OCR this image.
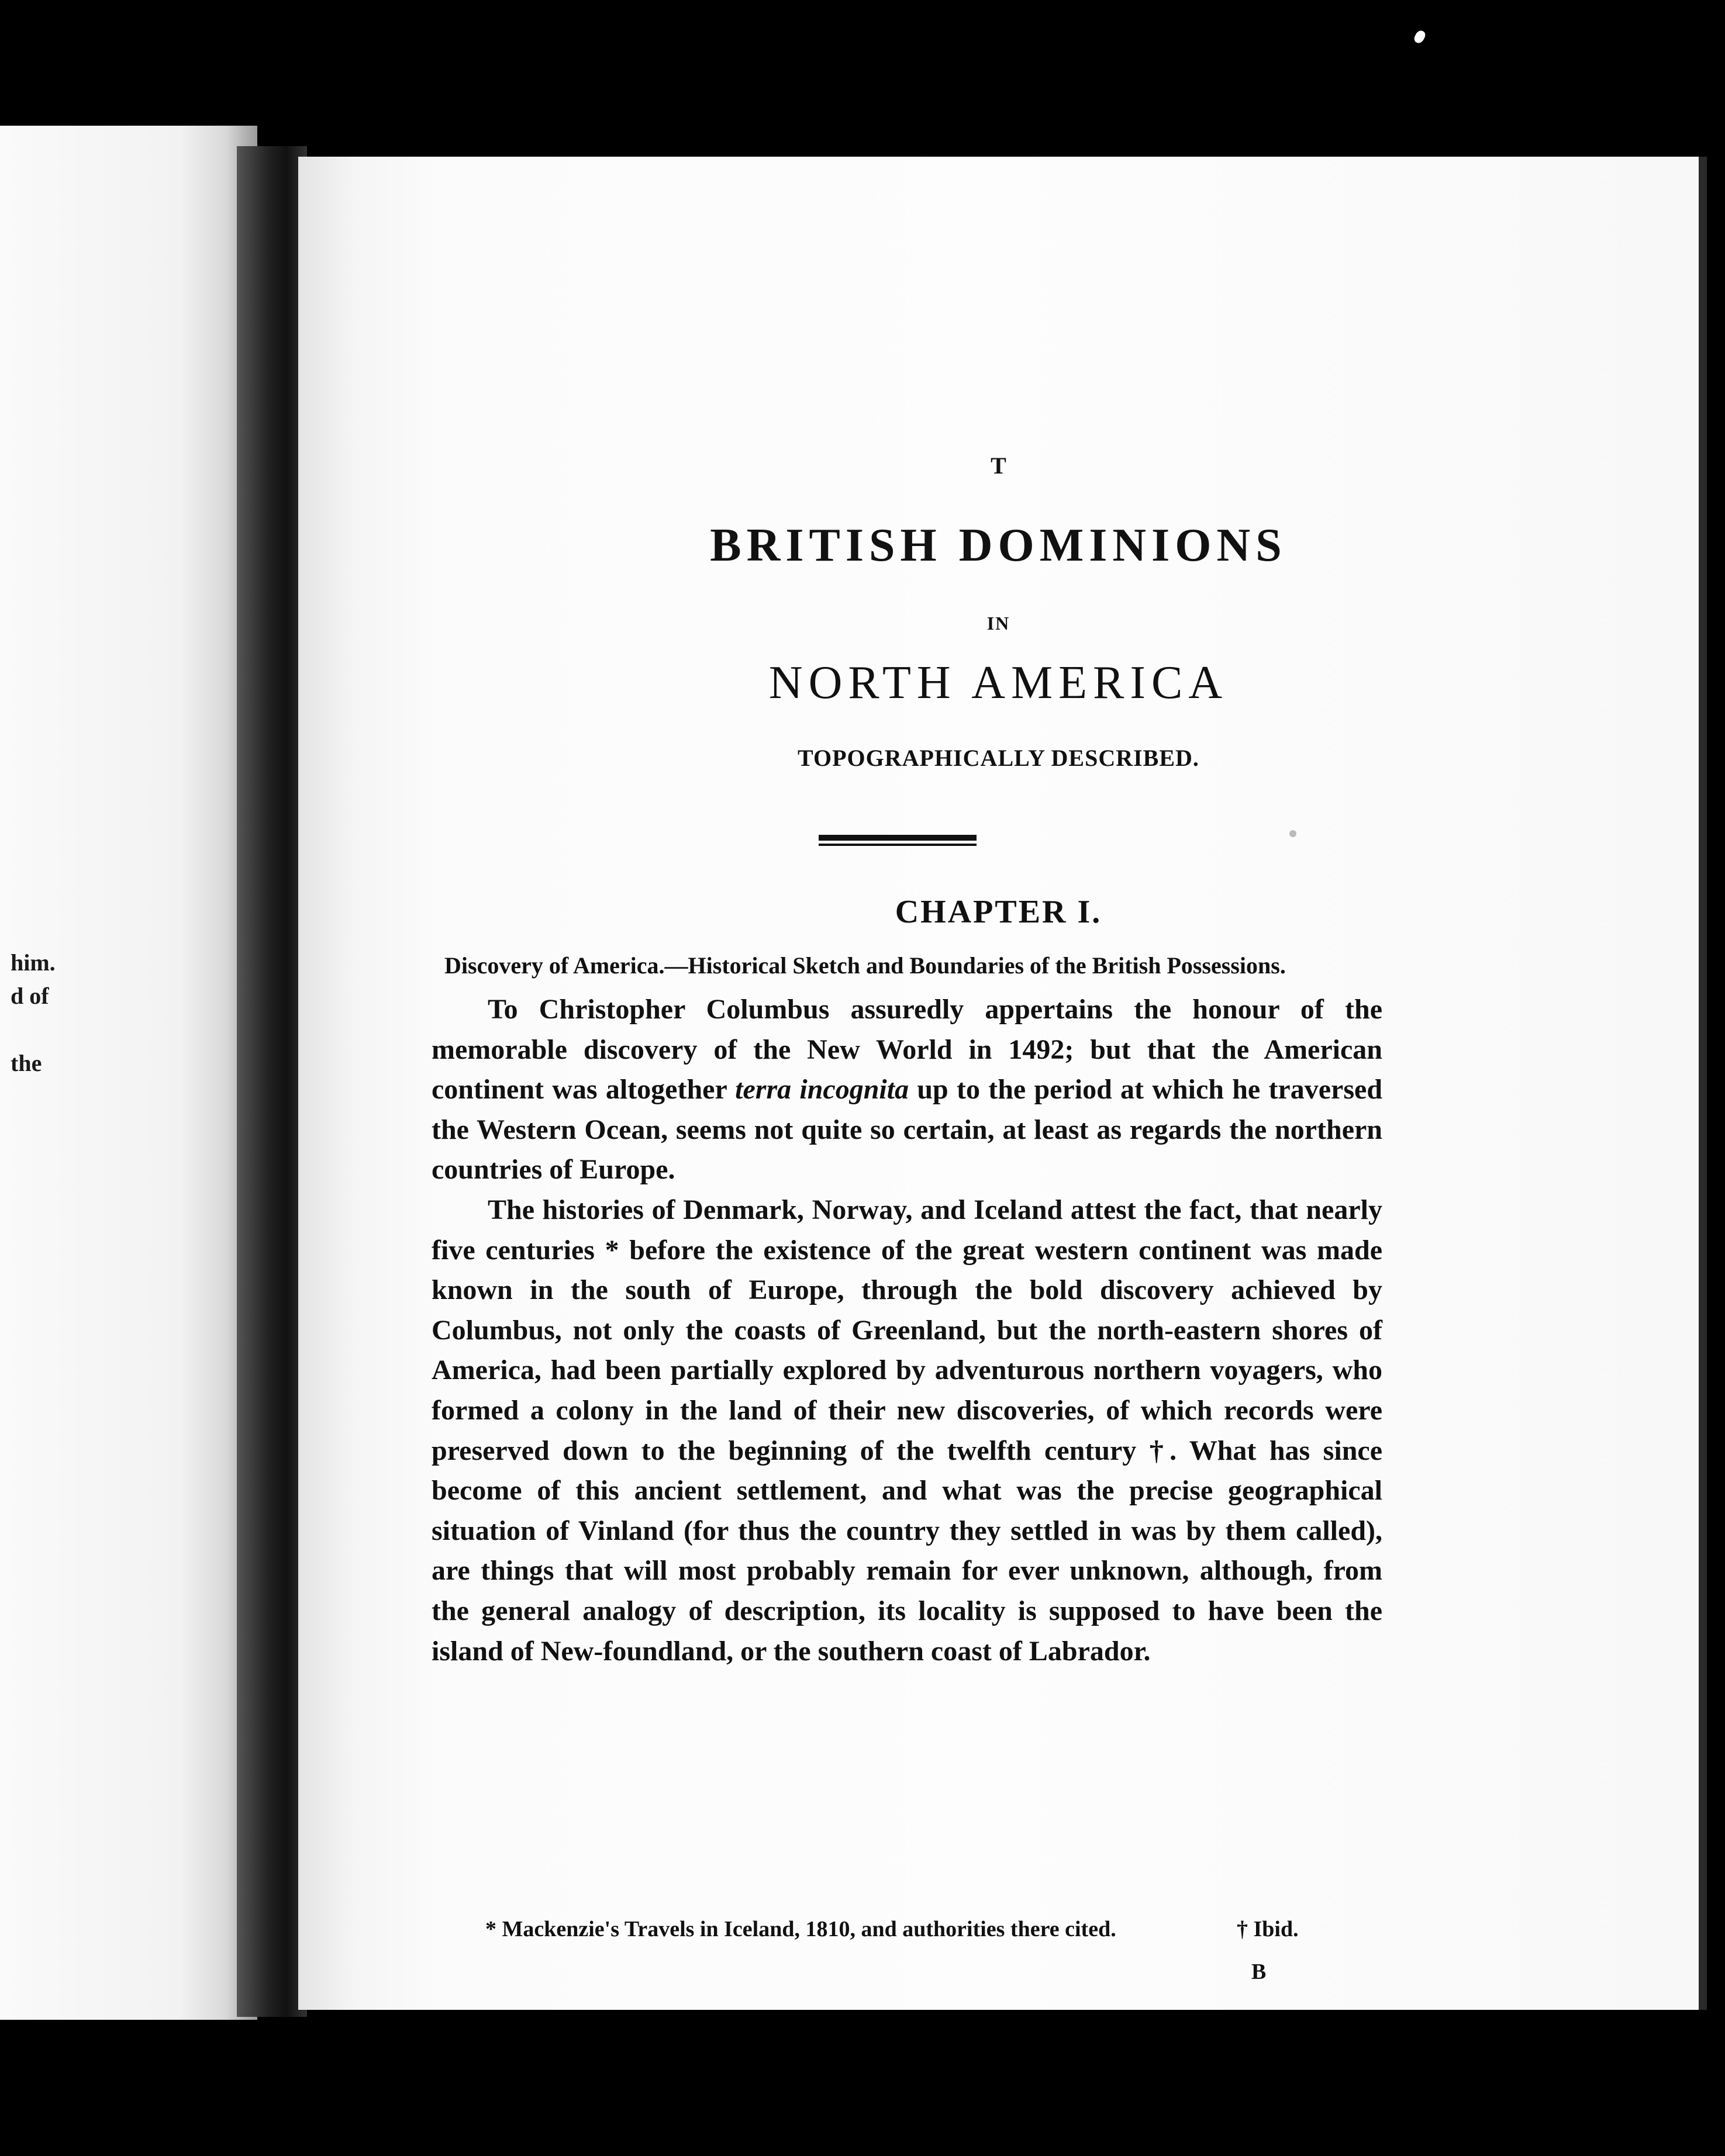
him.
d of
the
T
BRITISH DOMINIONS
IN
NORTH AMERICA
TOPOGRAPHICALLY DESCRIBED.
CHAPTER I.
Discovery of America.—Historical Sketch and Boundaries of the British Possessions.

To Christopher Columbus assuredly appertains the honour of the memorable discovery of the New World in 1492; but that the American continent was altogether terra incognita up to the period at which he traversed the Western Ocean, seems not quite so certain, at least as regards the northern countries of Europe.

The histories of Denmark, Norway, and Iceland attest the fact, that nearly five centuries * before the existence of the great western continent was made known in the south of Europe, through the bold discovery achieved by Columbus, not only the coasts of Greenland, but the north-eastern shores of America, had been partially explored by adventurous northern voyagers, who formed a colony in the land of their new discoveries, of which records were preserved down to the beginning of the twelfth century †. What has since become of this ancient settlement, and what was the precise geographical situation of Vinland (for thus the country they settled in was by them called), are things that will most probably remain for ever unknown, although, from the general analogy of description, its locality is supposed to have been the island of New-foundland, or the southern coast of Labrador.

* Mackenzie's Travels in Iceland, 1810, and authorities there cited.	† Ibid.
B
